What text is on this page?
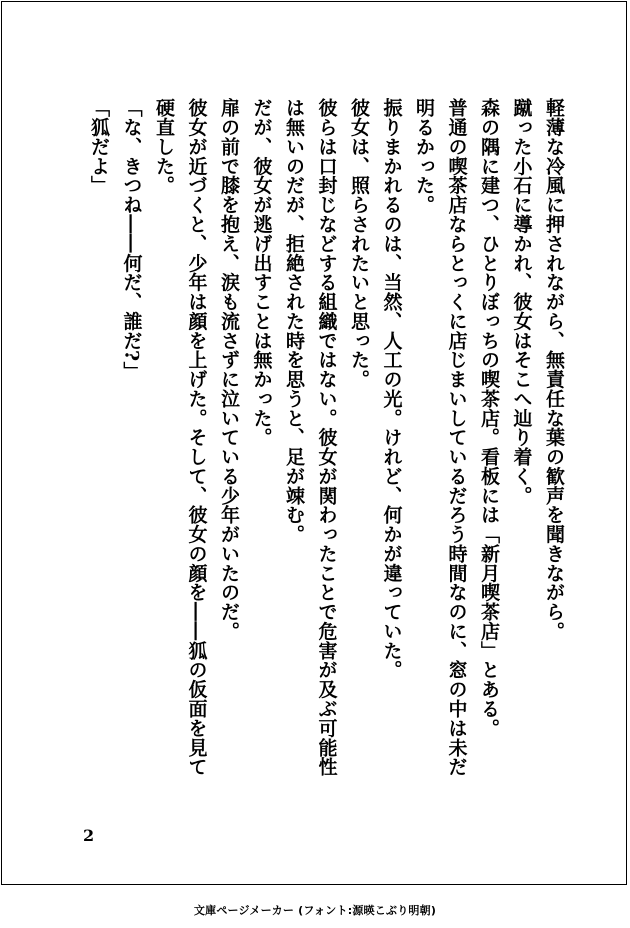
軽薄な冷風に押されながら、無責任な葉の歓声を聞きながら。
蹴った小石に導かれ、彼女はそこへ辿り着く。
森の隅に建つ、ひとりぼっちの喫茶店。看板には「新月喫茶店」とある。
普通の喫茶店ならとっくに店じまいしているだろう時間なのに、窓の中は未だ
明るかった。
振りまかれるのは、当然、人工の光。けれど、何かが違っていた。
彼女は、照らされたいと思った。
彼らは口封じなどする組織ではない。彼女が関わったことで危害が及ぶ可能性
は無いのだが、拒絶された時を思うと、足が竦む。
だが、彼女が逃げ出すことは無かった。
扉の前で膝を抱え、涙も流さずに泣いている少年がいたのだ。
彼女が近づくと、少年は顔を上げた。そして、彼女の顔を――狐の仮面を見て
硬直した。
「な、きつね――何だ、誰だ?」
「狐だよ」
2
文庫ページメーカー (フォント:源暎こぶり明朝)
